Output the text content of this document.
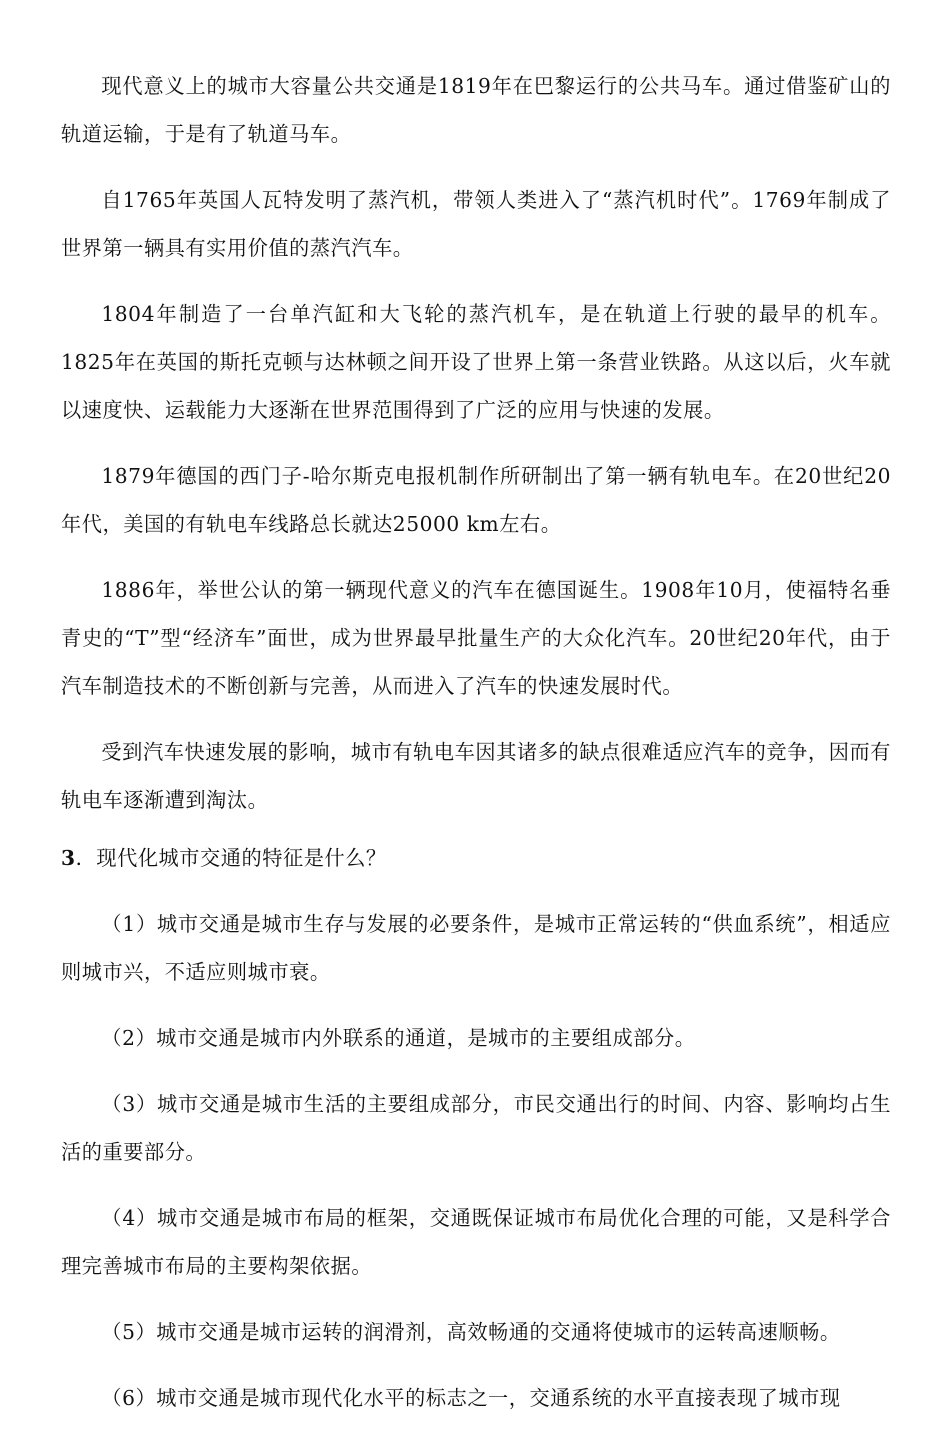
现代意义上的城市大容量公共交通是1819年在巴黎运行的公共马车。通过借鉴矿山的轨道运输，于是有了轨道马车。

自1765年英国人瓦特发明了蒸汽机，带领人类进入了“蒸汽机时代”。1769年制成了世界第一辆具有实用价值的蒸汽汽车。

1804年制造了一台单汽缸和大飞轮的蒸汽机车，是在轨道上行驶的最早的机车。1825年在英国的斯托克顿与达林顿之间开设了世界上第一条营业铁路。从这以后，火车就以速度快、运载能力大逐渐在世界范围得到了广泛的应用与快速的发展。

1879年德国的西门子-哈尔斯克电报机制作所研制出了第一辆有轨电车。在20世纪20年代，美国的有轨电车线路总长就达25000 km左右。

1886年，举世公认的第一辆现代意义的汽车在德国诞生。1908年10月，使福特名垂青史的“T”型“经济车”面世，成为世界最早批量生产的大众化汽车。20世纪20年代，由于汽车制造技术的不断创新与完善，从而进入了汽车的快速发展时代。

受到汽车快速发展的影响，城市有轨电车因其诸多的缺点很难适应汽车的竞争，因而有轨电车逐渐遭到淘汰。

3．现代化城市交通的特征是什么？

（1）城市交通是城市生存与发展的必要条件，是城市正常运转的“供血系统”，相适应则城市兴，不适应则城市衰。

（2）城市交通是城市内外联系的通道，是城市的主要组成部分。

（3）城市交通是城市生活的主要组成部分，市民交通出行的时间、内容、影响均占生活的重要部分。

（4）城市交通是城市布局的框架，交通既保证城市布局优化合理的可能，又是科学合理完善城市布局的主要构架依据。

（5）城市交通是城市运转的润滑剂，高效畅通的交通将使城市的运转高速顺畅。

（6）城市交通是城市现代化水平的标志之一，交通系统的水平直接表现了城市现
